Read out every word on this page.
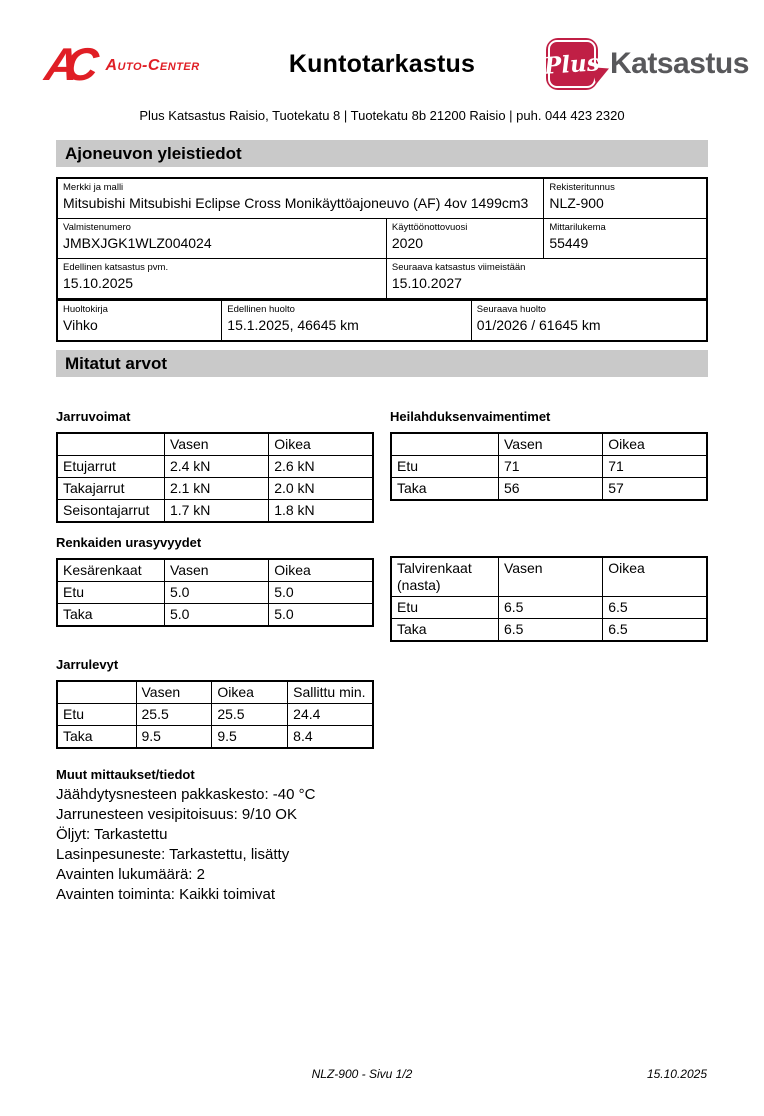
AC	Auto-Center	Kuntotarkastus	Plus Katsastus
Plus Katsastus Raisio, Tuotekatu 8 | Tuotekatu 8b 21200 Raisio | puh. 044 423 2320
Ajoneuvon yleistiedot
Merkki ja malli
Mitsubishi Mitsubishi Eclipse Cross Monikäyttöajoneuvo (AF) 4ov 1499cm3
Rekisteritunnus
NLZ-900
Valmistenumero
JMBXJGK1WLZ004024
Käyttöönottovuosi
2020
Mittarilukema
55449
Edellinen katsastus pvm.
15.10.2025
Seuraava katsastus viimeistään
15.10.2027
Huoltokirja
Vihko
Edellinen huolto
15.1.2025, 46645 km
Seuraava huolto
01/2026 / 61645 km
Mitatut arvot
Jarruvoimat
	Vasen	Oikea
Etujarrut	2.4 kN	2.6 kN
Takajarrut	2.1 kN	2.0 kN
Seisontajarrut	1.7 kN	1.8 kN
Heilahduksenvaimentimet
	Vasen	Oikea
Etu	71	71
Taka	56	57
Renkaiden urasyvyydet
Kesärenkaat	Vasen	Oikea
Etu	5.0	5.0
Taka	5.0	5.0
Talvirenkaat (nasta)	Vasen	Oikea
Etu	6.5	6.5
Taka	6.5	6.5
Jarrulevyt
	Vasen	Oikea	Sallittu min.
Etu	25.5	25.5	24.4
Taka	9.5	9.5	8.4
Muut mittaukset/tiedot
Jäähdytysnesteen pakkaskesto: -40 °C
Jarrunesteen vesipitoisuus: 9/10 OK
Öljyt: Tarkastettu
Lasinpesuneste: Tarkastettu, lisätty
Avainten lukumäärä: 2
Avainten toiminta: Kaikki toimivat
NLZ-900 - Sivu 1/2	15.10.2025
